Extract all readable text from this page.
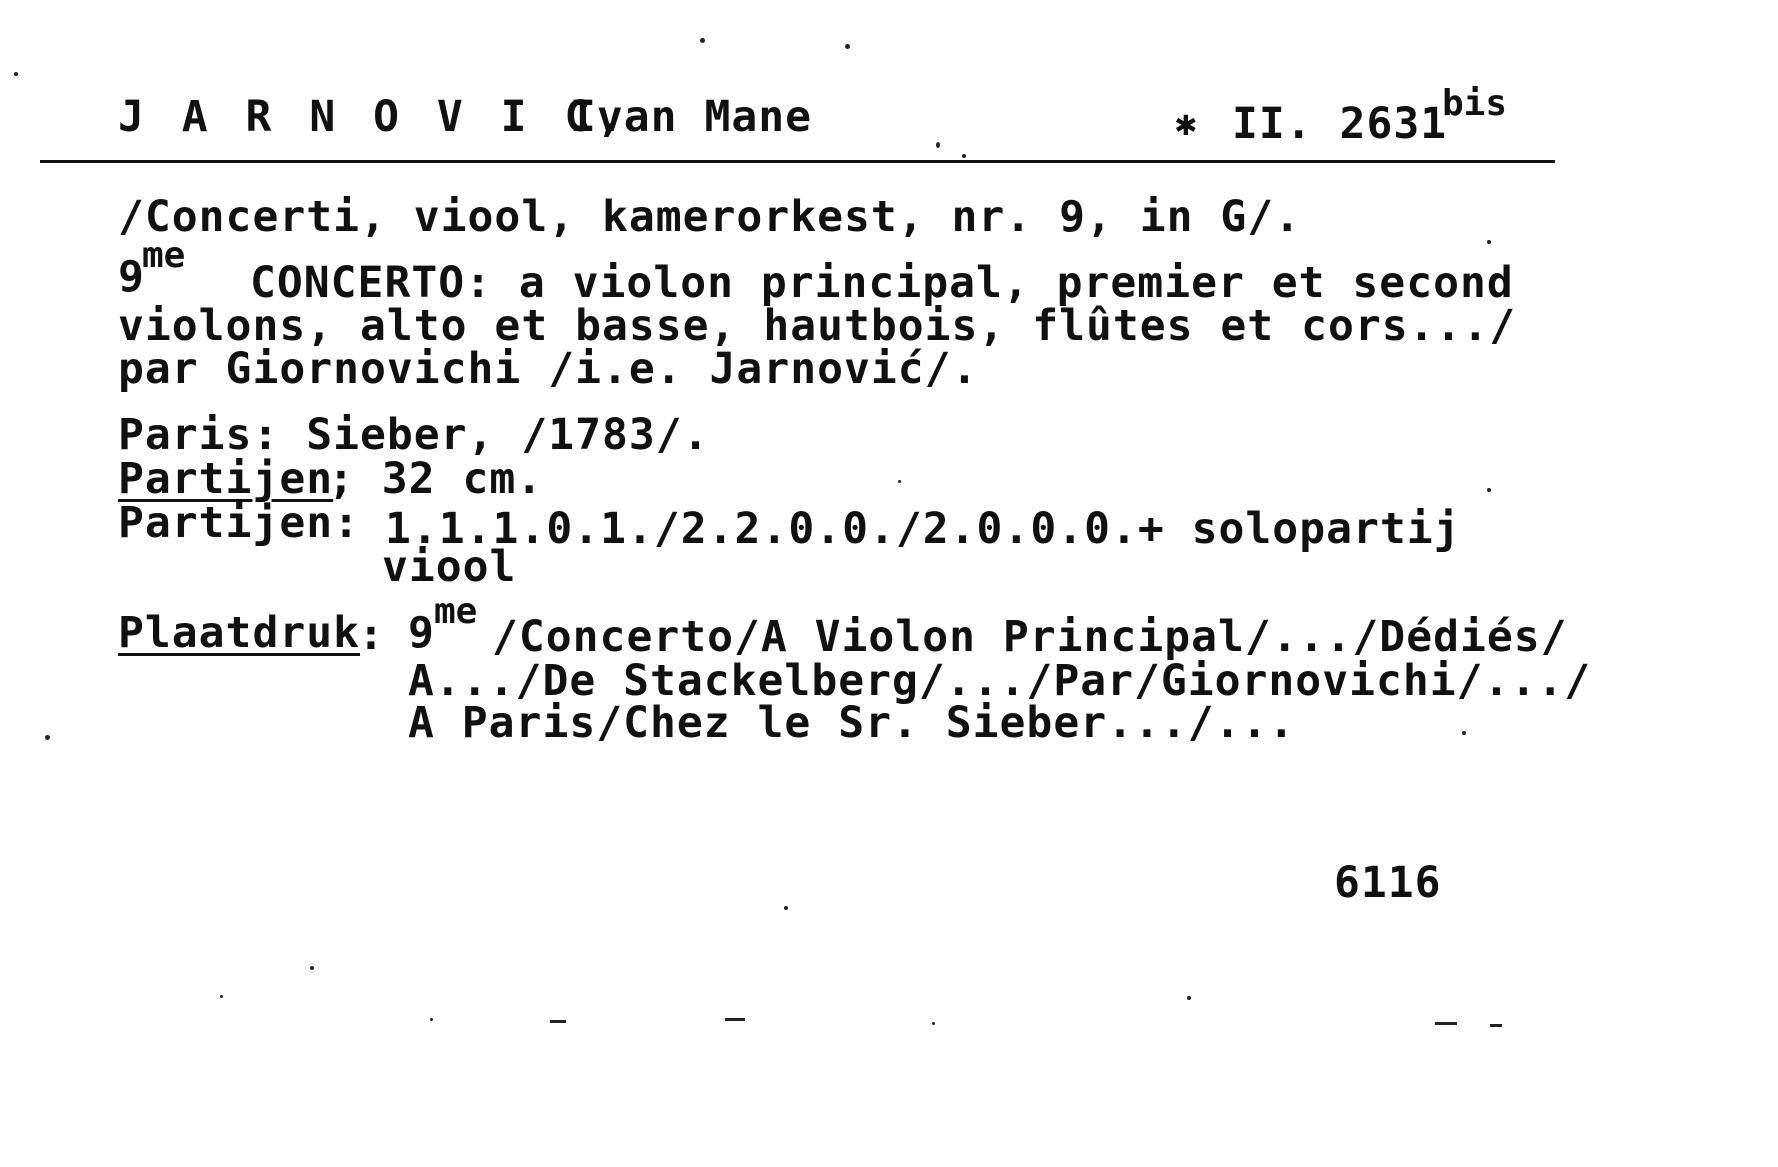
J A R N O V I C,
Ivan Mane	✱ II. 2631
bis
/Concerti, viool, kamerorkest, nr. 9, in G/.
9
me
CONCERTO: a violon principal, premier et second
violons, alto et basse, hautbois, flûtes et cors.../
par Giornovichi /i.e. Jarnović/.
Paris: Sieber, /1783/.
Partijen
; 32 cm.
Partijen: 1.1.1.0.1./2.2.0.0./2.0.0.0.+ solopartij
viool
Plaatdruk
: 9 me
/Concerto/A Violon Principal/.../Dédiés/
A.../De Stackelberg/.../Par/Giornovichi/.../
A Paris/Chez le Sr. Sieber.../...
6116
